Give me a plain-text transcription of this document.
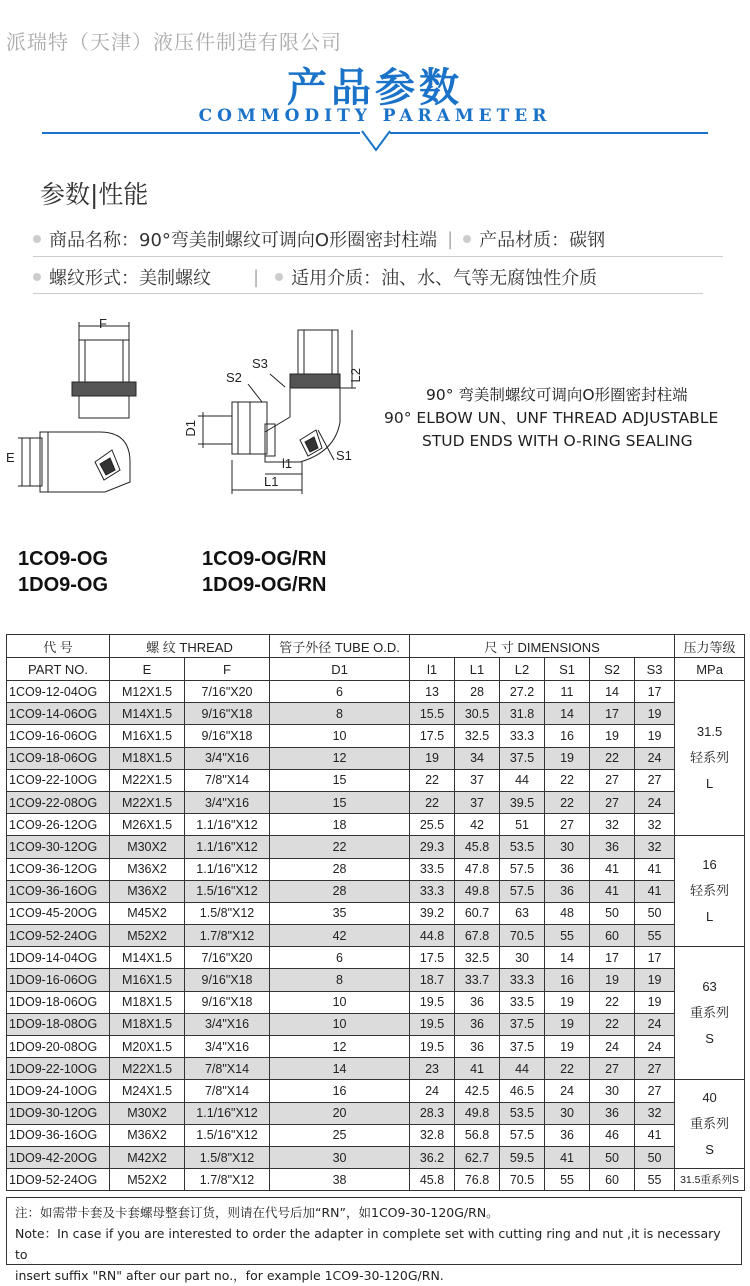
派瑞特（天津）液压件制造有限公司
产品参数
COMMODITY PARAMETER
参数|性能
商品名称：90°弯美制螺纹可调向O形圈密封柱端 | 产品材质：碳钢
螺纹形式：美制螺纹 | 适用介质：油、水、气等无腐蚀性介质
F
E
S3
S2	L2
D1
l1
S1
L1
90° 弯美制螺纹可调向O形圈密封柱端
90° ELBOW UN、UNF THREAD ADJUSTABLE
STUD ENDS WITH O-RING SEALING
1CO9-OG
1DO9-OG
1CO9-OG/RN
1DO9-OG/RN
代 号	螺 纹 THREAD		管子外径 TUBE O.D.	尺 寸 DIMENSIONS						压力等级
PART NO.	E	F	D1	l1	L1	L2	S1	S2	S3	MPa
1CO9-12-04OG	M12X1.5	7/16"X20	6	13	28	27.2	11	14	17	31.5
轻系列
L

1CO9-14-06OG	M14X1.5	9/16"X18	8	15.5	30.5	31.8	14	17	19	
1CO9-16-06OG	M16X1.5	9/16"X18	10	17.5	32.5	33.3	16	19	19	
1CO9-18-06OG	M18X1.5	3/4"X16	12	19	34	37.5	19	22	24	
1CO9-22-10OG	M22X1.5	7/8"X14	15	22	37	44	22	27	27	
1CO9-22-08OG	M22X1.5	3/4"X16	15	22	37	39.5	22	27	24	
1CO9-26-12OG	M26X1.5	1.1/16"X12	18	25.5	42	51	27	32	32	
1CO9-30-12OG	M30X2	1.1/16"X12	22	29.3	45.8	53.5	30	36	32	16
轻系列
L

1CO9-36-12OG	M36X2	1.1/16"X12	28	33.5	47.8	57.5	36	41	41	
1CO9-36-16OG	M36X2	1.5/16"X12	28	33.3	49.8	57.5	36	41	41	
1CO9-45-20OG	M45X2	1.5/8"X12	35	39.2	60.7	63	48	50	50	
1CO9-52-24OG	M52X2	1.7/8"X12	42	44.8	67.8	70.5	55	60	55	
1DO9-14-04OG	M14X1.5	7/16"X20	6	17.5	32.5	30	14	17	17	63
重系列
S

1DO9-16-06OG	M16X1.5	9/16"X18	8	18.7	33.7	33.3	16	19	19	
1DO9-18-06OG	M18X1.5	9/16"X18	10	19.5	36	33.5	19	22	19	
1DO9-18-08OG	M18X1.5	3/4"X16	10	19.5	36	37.5	19	22	24	
1DO9-20-08OG	M20X1.5	3/4"X16	12	19.5	36	37.5	19	24	24	
1DO9-22-10OG	M22X1.5	7/8"X14	14	23	41	44	22	27	27	
1DO9-24-10OG	M24X1.5	7/8"X14	16	24	42.5	46.5	24	30	27	40
重系列
S

1DO9-30-12OG	M30X2	1.1/16"X12	20	28.3	49.8	53.5	30	36	32	
1DO9-36-16OG	M36X2	1.5/16"X12	25	32.8	56.8	57.5	36	46	41	
1DO9-42-20OG	M42X2	1.5/8"X12	30	36.2	62.7	59.5	41	50	50	
1DO9-52-24OG	M52X2	1.7/8"X12	38	45.8	76.8	70.5	55	60	55	31.5重系列S
注：如需带卡套及卡套螺母整套订货，则请在代号后加“RN”，如1CO9-30-120G/RN。
Note：In case if you are interested to order the adapter in complete set with cutting ring and nut ,it is necessary to
insert suffix "RN" after our part no.，for example 1CO9-30-120G/RN.
